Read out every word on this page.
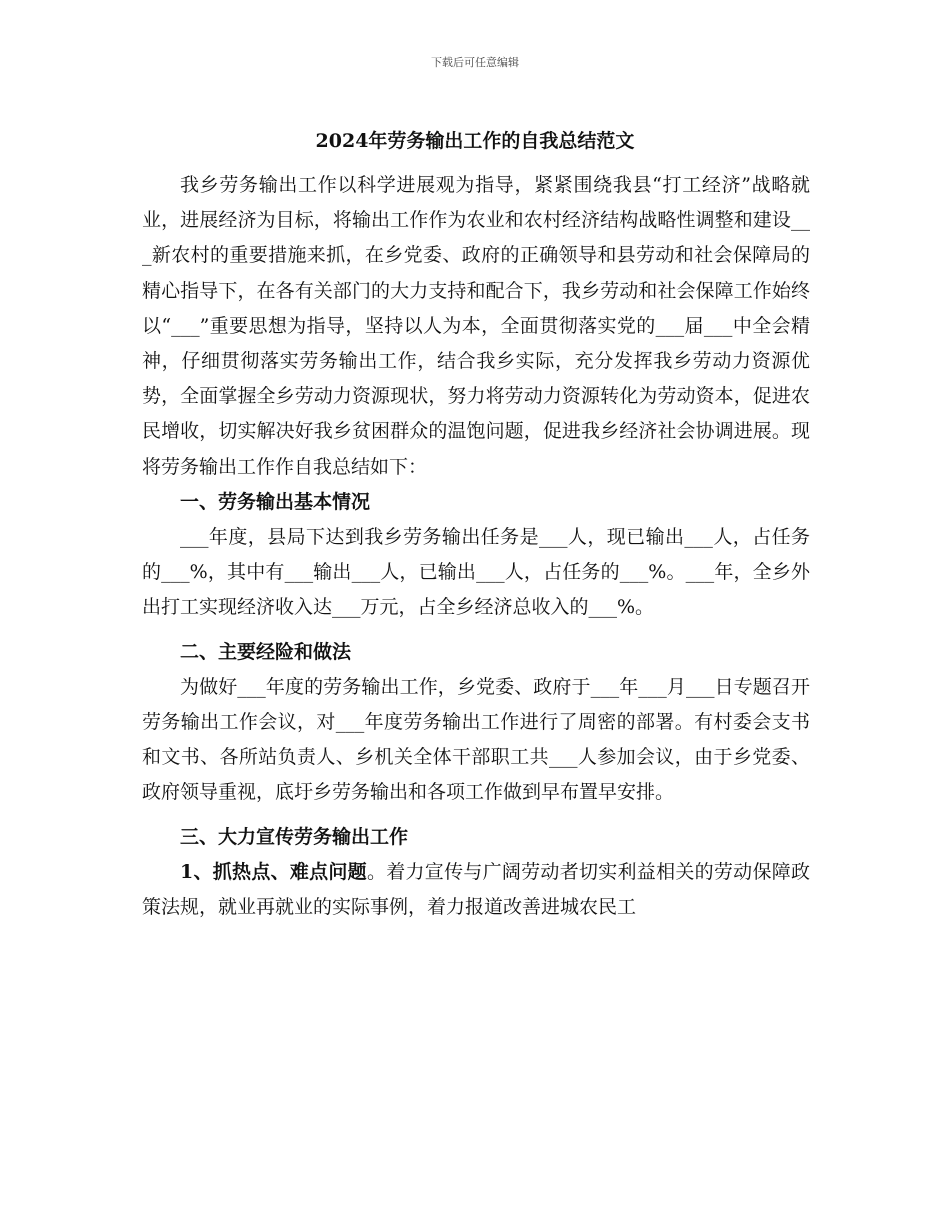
下载后可任意编辑
2024年劳务输出工作的自我总结范文

我乡劳务输出工作以科学进展观为指导，紧紧围绕我县“打工经济”战略就业，进展经济为目标，将输出工作作为农业和农村经济结构战略性调整和建设___新农村的重要措施来抓，在乡党委、政府的正确领导和县劳动和社会保障局的精心指导下，在各有关部门的大力支持和配合下，我乡劳动和社会保障工作始终以“___”重要思想为指导，坚持以人为本，全面贯彻落实党的___届___中全会精神，仔细贯彻落实劳务输出工作，结合我乡实际，充分发挥我乡劳动力资源优势，全面掌握全乡劳动力资源现状，努力将劳动力资源转化为劳动资本，促进农民增收，切实解决好我乡贫困群众的温饱问题，促进我乡经济社会协调进展。现将劳务输出工作作自我总结如下：

一、劳务输出基本情况

___年度，县局下达到我乡劳务输出任务是___人，现已输出___人，占任务的___%，其中有___输出___人，已输出___人，占任务的___%。___年，全乡外出打工实现经济收入达___万元，占全乡经济总收入的___%。

二、主要经险和做法

为做好___年度的劳务输出工作，乡党委、政府于___年___月___日专题召开劳务输出工作会议，对___年度劳务输出工作进行了周密的部署。有村委会支书和文书、各所站负责人、乡机关全体干部职工共___人参加会议，由于乡党委、政府领导重视，底圩乡劳务输出和各项工作做到早布置早安排。

三、大力宣传劳务输出工作

1、抓热点、难点问题。着力宣传与广阔劳动者切实利益相关的劳动保障政策法规，就业再就业的实际事例，着力报道改善进城农民工
